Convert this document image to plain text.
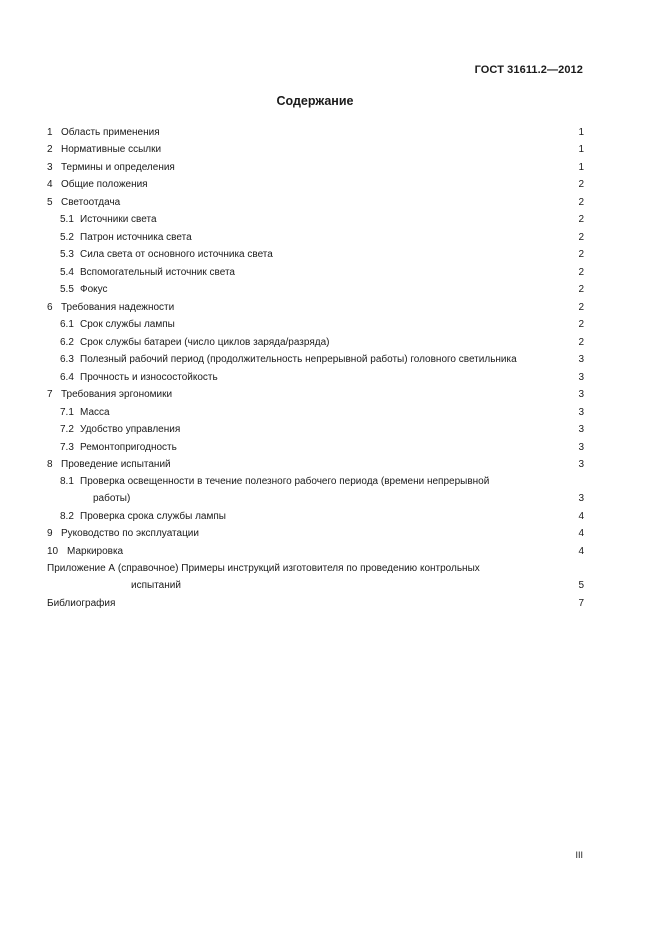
ГОСТ 31611.2—2012
Содержание
1 Область применения	1
2 Нормативные ссылки	1
3 Термины и определения	1
4 Общие положения	2
5 Светоотдача	2
5.1 Источники света	2
5.2 Патрон источника света	2
5.3 Сила света от основного источника света	2
5.4 Вспомогательный источник света	2
5.5 Фокус	2
6 Требования надежности	2
6.1 Срок службы лампы	2
6.2 Срок службы батареи (число циклов заряда/разряда)	2
6.3 Полезный рабочий период (продолжительность непрерывной работы) головного светильника	3
6.4 Прочность и износостойкость	3
7 Требования эргономики	3
7.1 Масса	3
7.2 Удобство управления	3
7.3 Ремонтопригодность	3
8 Проведение испытаний	3
8.1 Проверка освещенности в течение полезного рабочего периода (времени непрерывной
работы)	3
8.2 Проверка срока службы лампы	4
9 Руководство по эксплуатации	4
10 Маркировка	4
Приложение А (справочное) Примеры инструкций изготовителя по проведению контрольных
испытаний	5
Библиография	7
III
